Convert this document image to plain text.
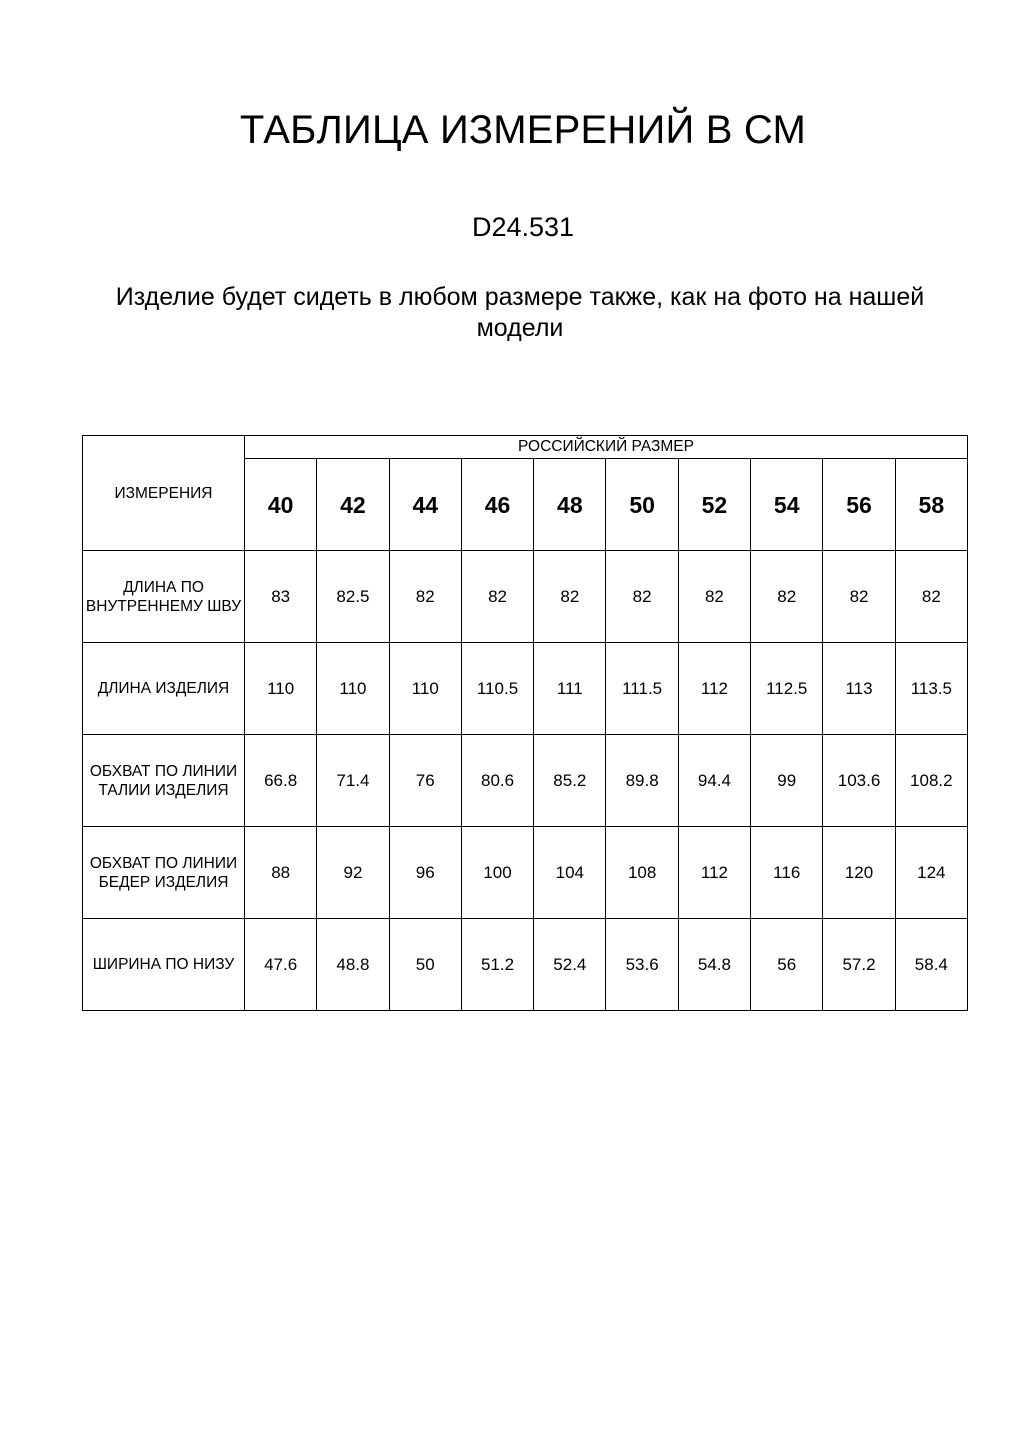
ТАБЛИЦА ИЗМЕРЕНИЙ В СМ

D24.531

Изделие будет сидеть в любом размере также, как на фото на нашей модели

ИЗМЕРЕНИЯ	РОССИЙСКИЙ РАЗМЕР									
	40	42	44	46	48	50	52	54	56	58
ДЛИНА ПО ВНУТРЕННЕМУ ШВУ	83	82.5	82	82	82	82	82	82	82	82
ДЛИНА ИЗДЕЛИЯ	110	110	110	110.5	111	111.5	112	112.5	113	113.5
ОБХВАТ ПО ЛИНИИ ТАЛИИ ИЗДЕЛИЯ	66.8	71.4	76	80.6	85.2	89.8	94.4	99	103.6	108.2
ОБХВАТ ПО ЛИНИИ БЕДЕР ИЗДЕЛИЯ	88	92	96	100	104	108	112	116	120	124
ШИРИНА ПО НИЗУ	47.6	48.8	50	51.2	52.4	53.6	54.8	56	57.2	58.4
